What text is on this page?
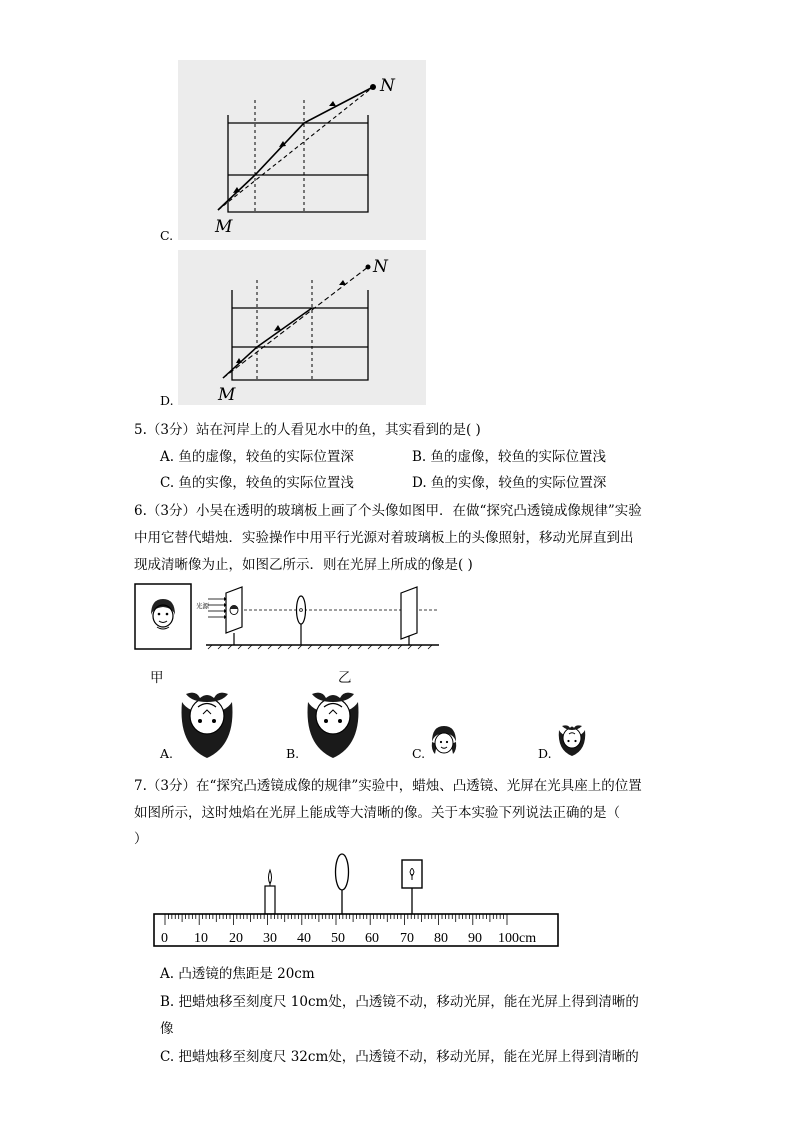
C.
N
M
D.
N
M
5.（3分）站在河岸上的人看见水中的鱼，其实看到的是( )
A. 鱼的虚像，较鱼的实际位置深	B. 鱼的虚像，较鱼的实际位置浅
C. 鱼的实像，较鱼的实际位置浅	D. 鱼的实像，较鱼的实际位置深
6.（3分）小吴在透明的玻璃板上画了个头像如图甲．在做“探究凸透镜成像规律”实验
中用它替代蜡烛．实验操作中用平行光源对着玻璃板上的头像照射，移动光屏直到出
现成清晰像为止，如图乙所示．则在光屏上所成的像是( )
甲
光源
乙
A.	B.	C.	D.
7.（3分）在“探究凸透镜成像的规律”实验中，蜡烛、凸透镜、光屏在光具座上的位置
如图所示，这时烛焰在光屏上能成等大清晰的像。关于本实验下列说法正确的是（
）
0 10 20 30 40 50 60 70 80 90 100cm
A. 凸透镜的焦距是 20cm
B. 把蜡烛移至刻度尺 10cm处，凸透镜不动，移动光屏，能在光屏上得到清晰的
像
C. 把蜡烛移至刻度尺 32cm处，凸透镜不动，移动光屏，能在光屏上得到清晰的
